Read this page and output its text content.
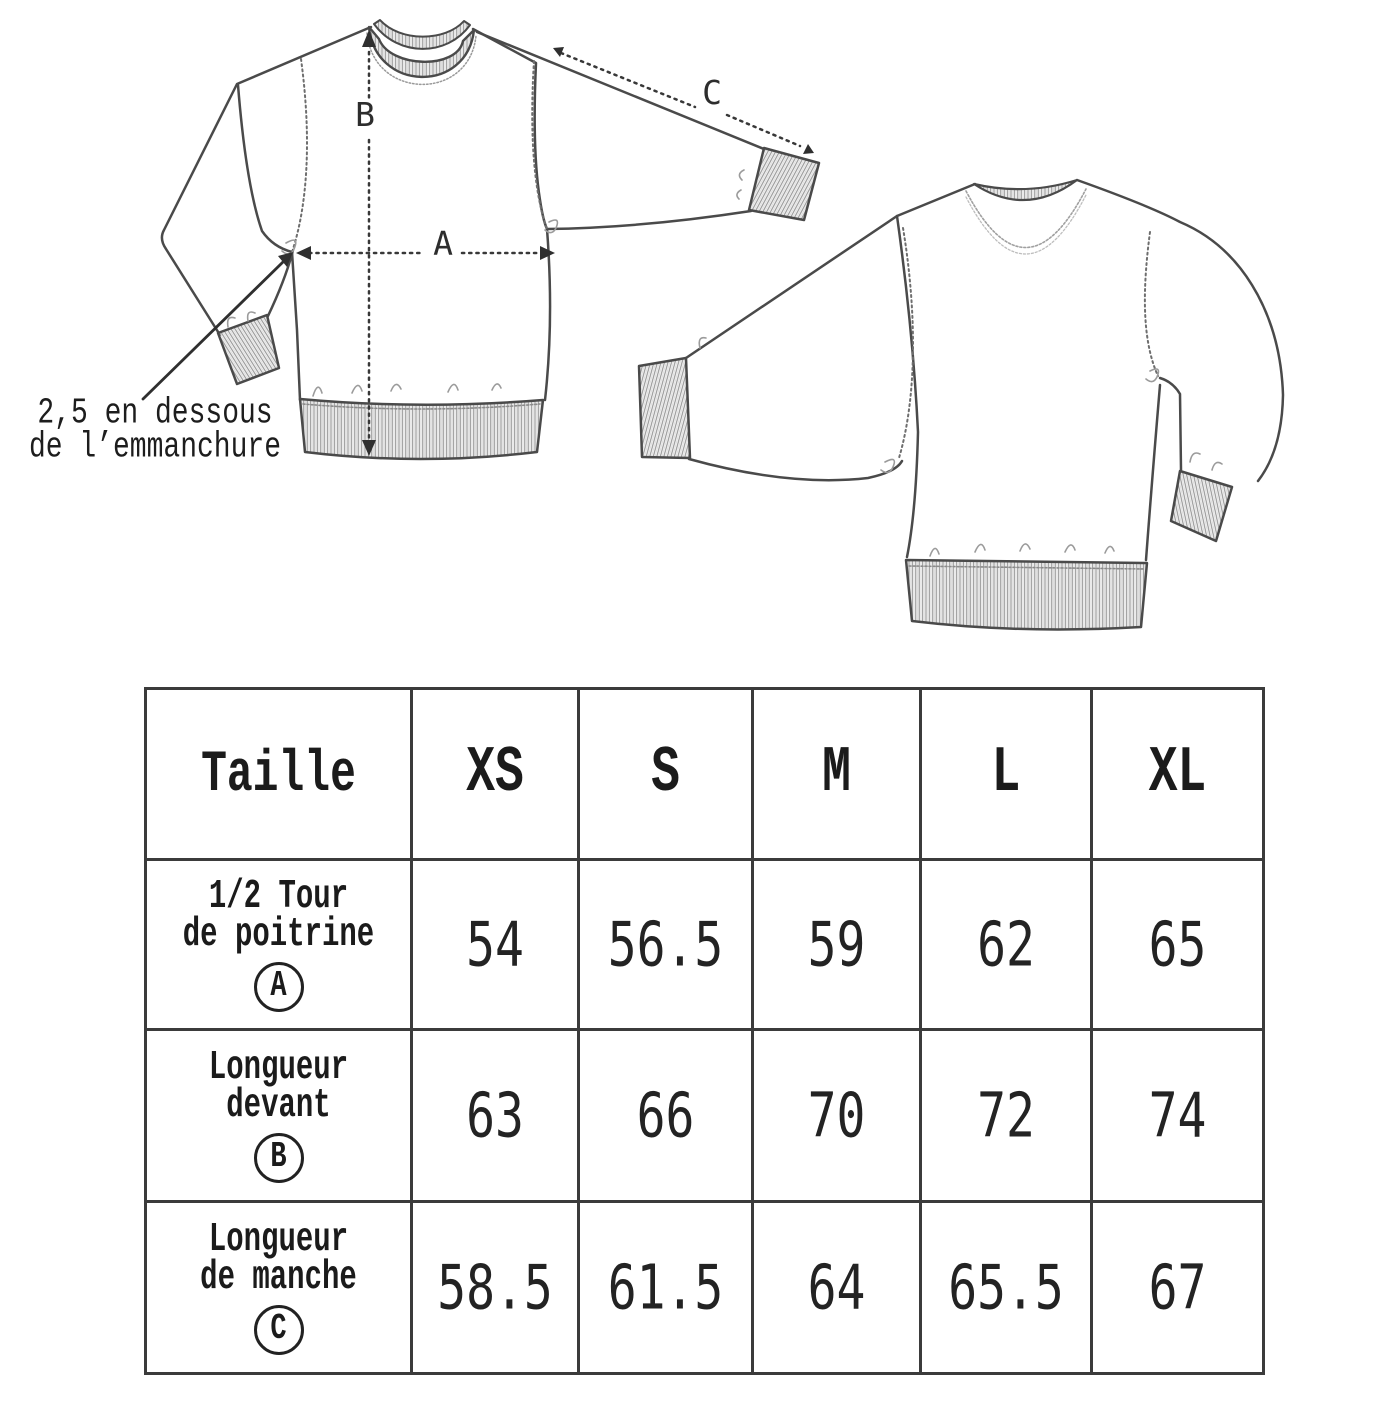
B
A
C
2,5 en dessous
de l’emmanchure
Taille	XS	S	M	L	XL

1/2 Tour
de poitrine
A	54	56.5	59	62	65

Longueur
devant
B	63	66	70	72	74

Longueur
de manche
C	58.5	61.5	64	65.5	67
